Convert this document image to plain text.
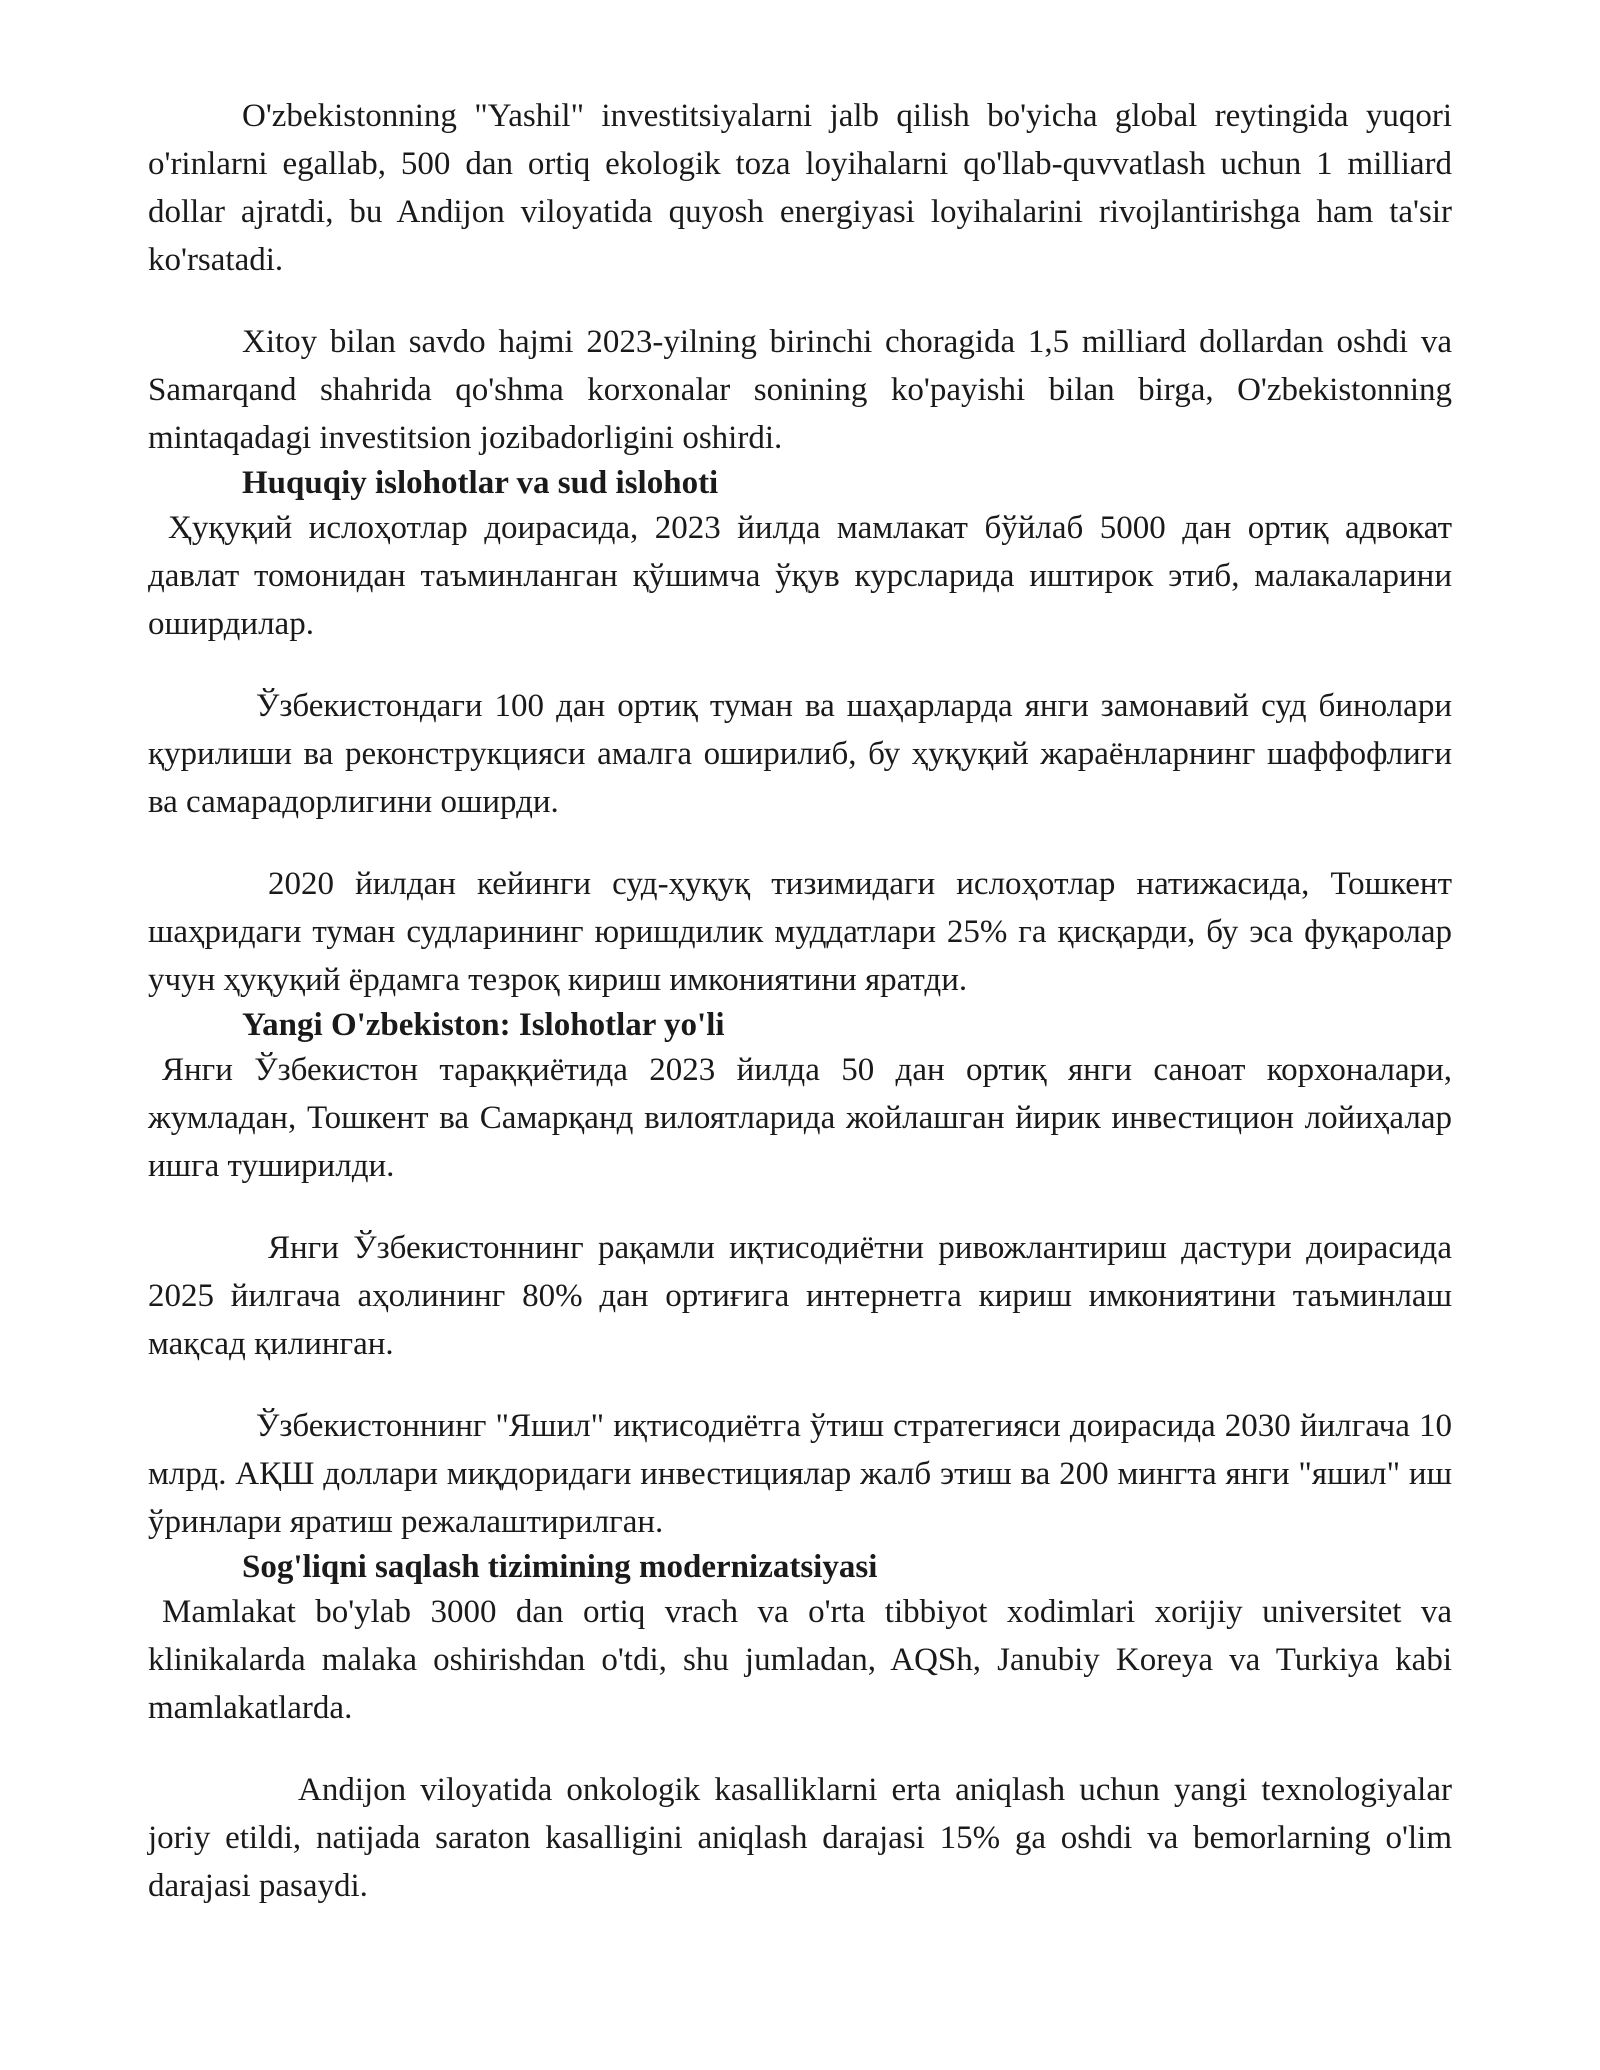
O'zbekistonning "Yashil" investitsiyalarni jalb qilish bo'yicha global reytingida yuqori o'rinlarni egallab, 500 dan ortiq ekologik toza loyihalarni qo'llab-quvvatlash uchun 1 milliard dollar ajratdi, bu Andijon viloyatida quyosh energiyasi loyihalarini rivojlantirishga ham ta'sir ko'rsatadi.

Xitoy bilan savdo hajmi 2023-yilning birinchi choragida 1,5 milliard dollardan oshdi va Samarqand shahrida qo'shma korxonalar sonining ko'payishi bilan birga, O'zbekistonning mintaqadagi investitsion jozibadorligini oshirdi.

Huquqiy islohotlar va sud islohoti

Ҳуқуқий ислоҳотлар доирасида, 2023 йилда мамлакат бўйлаб 5000 дан ортиқ адвокат давлат томонидан таъминланган қўшимча ўқув курсларида иштирок этиб, малакаларини оширдилар.

Ўзбекистондаги 100 дан ортиқ туман ва шаҳарларда янги замонавий суд бинолари қурилиши ва реконструкцияси амалга оширилиб, бу ҳуқуқий жараёнларнинг шаффофлиги ва самарадорлигини оширди.

2020 йилдан кейинги суд-ҳуқуқ тизимидаги ислоҳотлар натижасида, Тошкент шаҳридаги туман судларининг юришдилик муддатлари 25% га қисқарди, бу эса фуқаролар учун ҳуқуқий ёрдамга тезроқ кириш имкониятини яратди.

Yangi O'zbekiston: Islohotlar yo'li

Янги Ўзбекистон тараққиётида 2023 йилда 50 дан ортиқ янги саноат корхоналари, жумладан, Тошкент ва Самарқанд вилоятларида жойлашган йирик инвестицион лойиҳалар ишга туширилди.

Янги Ўзбекистоннинг рақамли иқтисодиётни ривожлантириш дастури доирасида 2025 йилгача аҳолининг 80% дан ортиғига интернетга кириш имкониятини таъминлаш мақсад қилинган.

Ўзбекистоннинг "Яшил" иқтисодиётга ўтиш стратегияси доирасида 2030 йилгача 10 млрд. АҚШ доллари миқдоридаги инвестициялар жалб этиш ва 200 мингта янги "яшил" иш ўринлари яратиш режалаштирилган.

Sog'liqni saqlash tizimining modernizatsiyasi

Mamlakat bo'ylab 3000 dan ortiq vrach va o'rta tibbiyot xodimlari xorijiy universitet va klinikalarda malaka oshirishdan o'tdi, shu jumladan, AQSh, Janubiy Koreya va Turkiya kabi mamlakatlarda.

Andijon viloyatida onkologik kasalliklarni erta aniqlash uchun yangi texnologiyalar joriy etildi, natijada saraton kasalligini aniqlash darajasi 15% ga oshdi va bemorlarning o'lim darajasi pasaydi.
